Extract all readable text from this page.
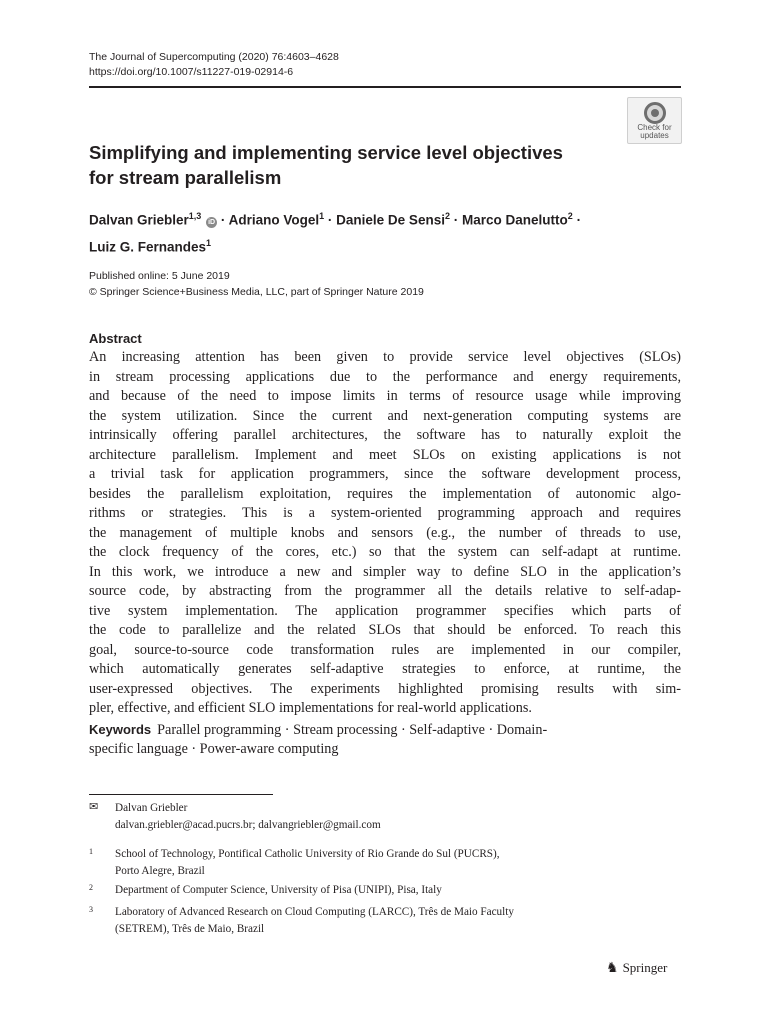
The Journal of Supercomputing (2020) 76:4603–4628
https://doi.org/10.1007/s11227-019-02914-6
Check for
updates
Simplifying and implementing service level objectives
for stream parallelism
Dalvan Griebler$^{1,3}$ iD · Adriano Vogel$^1$ · Daniele De Sensi$^2$ · Marco Danelutto$^2$ ·
Luiz G. Fernandes$^1$
Published online: 5 June 2019
© Springer Science+Business Media, LLC, part of Springer Nature 2019
Abstract
An increasing attention has been given to provide service level objectives (SLOs)
in stream processing applications due to the performance and energy requirements,
and because of the need to impose limits in terms of resource usage while improving
the system utilization. Since the current and next-generation computing systems are
intrinsically offering parallel architectures, the software has to naturally exploit the
architecture parallelism. Implement and meet SLOs on existing applications is not
a trivial task for application programmers, since the software development process,
besides the parallelism exploitation, requires the implementation of autonomic algo-
rithms or strategies. This is a system-oriented programming approach and requires
the management of multiple knobs and sensors (e.g., the number of threads to use,
the clock frequency of the cores, etc.) so that the system can self-adapt at runtime.
In this work, we introduce a new and simpler way to define SLO in the application’s
source code, by abstracting from the programmer all the details relative to self-adap-
tive system implementation. The application programmer specifies which parts of
the code to parallelize and the related SLOs that should be enforced. To reach this
goal, source-to-source code transformation rules are implemented in our compiler,
which automatically generates self-adaptive strategies to enforce, at runtime, the
user-expressed objectives. The experiments highlighted promising results with sim-
pler, effective, and efficient SLO implementations for real-world applications.
Keywords Parallel programming · Stream processing · Self-adaptive · Domain-
specific language · Power-aware computing
✉ Dalvan Griebler
dalvan.griebler@acad.pucrs.br; dalvangriebler@gmail.com
1 School of Technology, Pontifical Catholic University of Rio Grande do Sul (PUCRS),
Porto Alegre, Brazil
2 Department of Computer Science, University of Pisa (UNIPI), Pisa, Italy
3 Laboratory of Advanced Research on Cloud Computing (LARCC), Três de Maio Faculty
(SETREM), Três de Maio, Brazil
♞ Springer
